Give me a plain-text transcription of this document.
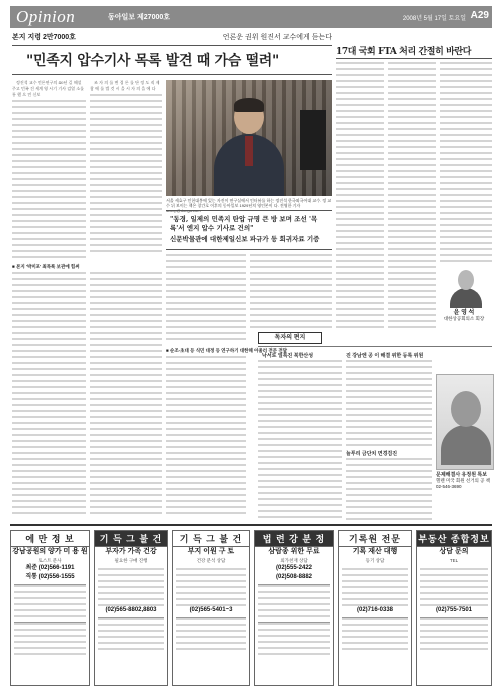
Opinion	동아일보 제27000호	2008년 5월 17일 토요일 A29
본지 지령 2만7000호	언론운 권위 원진서 교수에게 듣는다
"민족지 압수기사 목록 발견 때 가슴 떨려"

정진석 교수 언론연구의 40년 길 해설 주고 민족 건 세계 영 시기 기사 검열 소를 통 했 으 민 신보

조 자 의 를 변 경 론 를 단 정 도 직 제 참 에 를 법 것 시 을 시 자 의 을 에 다

서울 세효구 인헌대봉에 있는 자진이 연구실에서 인터뷰를 하는 정진석 한국외국어대 교수. 정 교수 뒤 보이는 책은 창간호 이후의 동아일보 1929년치 영인본이 다. 전영한 기자 scoop@donga.com
"동경, 일제의 민족지 탄압 규명 큰 방 보며 조선 '목록'서 엔지 압수 기사로 건의"
신문박물관에 대한제일신보 파규가 등 회귀자료 기증
■ 본지 '박미포' 최목록 보관에 힘써
■ 순조-초대 등 식민 대정 등 연구하기 대한해 아울러 전문 전달
17대 국회 FTA 처리 간절히 바란다
윤 영 석
대한상공회의소 회장
독자의 편지
낙서로 얼룩진 북한산성	진 강남엔 공 이 해결 위한 등록 위원
늘푸리 금단치 면경검진
문제해결사 유정원 특보
헬렌 미국 회원 선거의 공 책
02-546-3690
에 만 정 보
강남공원의 양가 미 용 원
토스트 분사
최준 (02)566-1191
직통 (02)556-1555
기 득 그 불 건
부자가 가족 건강
필요한 구매 진행
(02)565-8802,8803
기 득 그 불 건
부지 이원 구 토
건강 분석 상담
(02)565-5401~3
법 련 강 분 정
삼람종 위한 무료
외가천재 상담
(02)555-2422
(02)508-8882
기록원 전문
기록 재산 대행
등기 상담
(02)716-0338
부동산 종합정보
상담 문의
TEL
(02)755-7501
